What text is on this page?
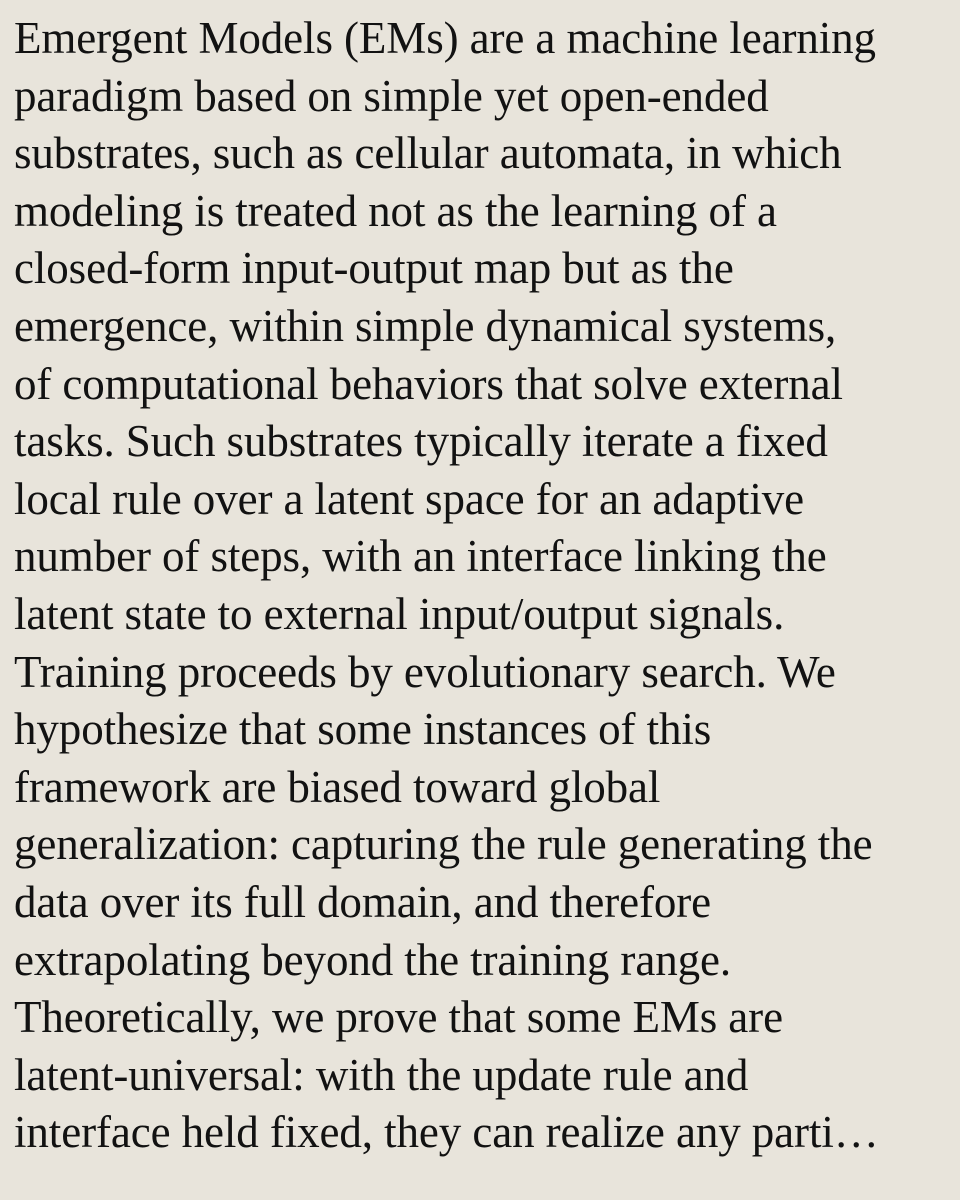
Emergent Models (EMs) are a machine learning
paradigm based on simple yet open-ended
substrates, such as cellular automata, in which
modeling is treated not as the learning of a
closed-form input-output map but as the
emergence, within simple dynamical systems,
of computational behaviors that solve external
tasks. Such substrates typically iterate a fixed
local rule over a latent space for an adaptive
number of steps, with an interface linking the
latent state to external input/output signals.
Training proceeds by evolutionary search. We
hypothesize that some instances of this
framework are biased toward global
generalization: capturing the rule generating the
data over its full domain, and therefore
extrapolating beyond the training range.
Theoretically, we prove that some EMs are
latent-universal: with the update rule and
interface held fixed, they can realize any parti…
